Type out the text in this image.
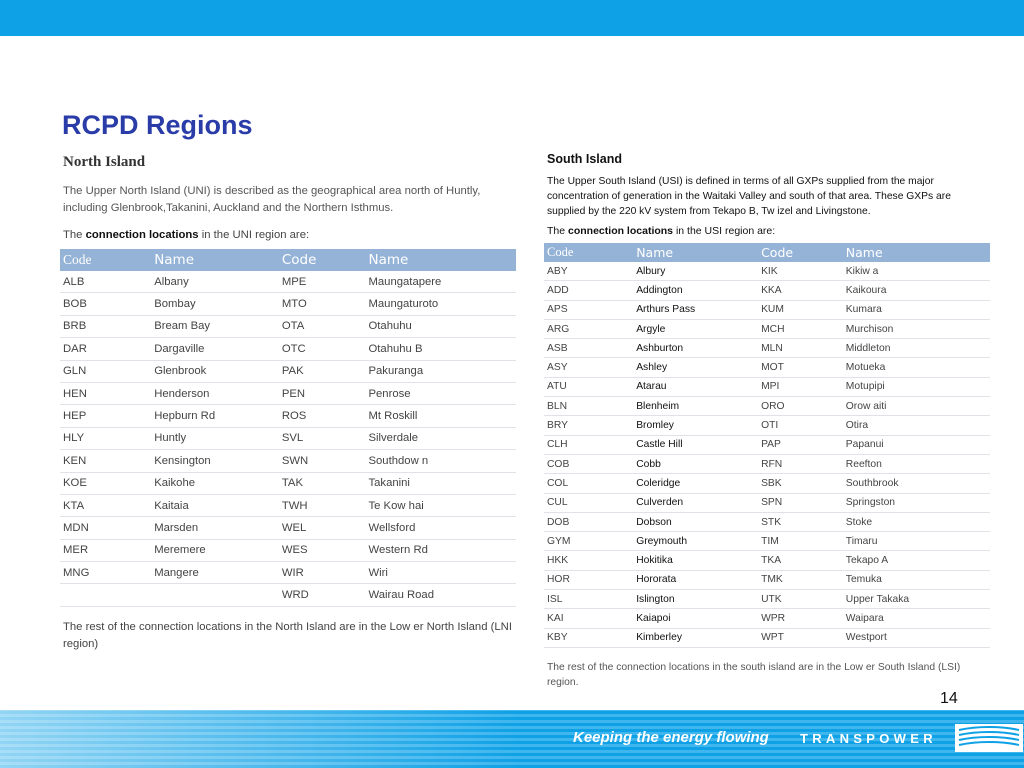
RCPD Regions
North Island

The Upper North Island (UNI) is described as the geographical area north of Huntly, including Glenbrook,Takanini, Auckland and the Northern Isthmus.

The connection locations in the UNI region are:

Code	Name	Code	Name
ALB	Albany	MPE	Maungatapere
BOB	Bombay	MTO	Maungaturoto
BRB	Bream Bay	OTA	Otahuhu
DAR	Dargaville	OTC	Otahuhu B
GLN	Glenbrook	PAK	Pakuranga
HEN	Henderson	PEN	Penrose
HEP	Hepburn Rd	ROS	Mt Roskill
HLY	Huntly	SVL	Silverdale
KEN	Kensington	SWN	Southdow n
KOE	Kaikohe	TAK	Takanini
KTA	Kaitaia	TWH	Te Kow hai
MDN	Marsden	WEL	Wellsford
MER	Meremere	WES	Western Rd
MNG	Mangere	WIR	Wiri
		WRD	Wairau Road

The rest of the connection locations in the North Island are in the Low er North Island (LNI region)

South Island

The Upper South Island (USI) is defined in terms of all GXPs supplied from the major concentration of generation in the Waitaki Valley and south of that area. These GXPs are supplied by the 220 kV system from Tekapo B, Tw izel and Livingstone.

The connection locations in the USI region are:

Code	Name	Code	Name
ABY	Albury	KIK	Kikiw a
ADD	Addington	KKA	Kaikoura
APS	Arthurs Pass	KUM	Kumara
ARG	Argyle	MCH	Murchison
ASB	Ashburton	MLN	Middleton
ASY	Ashley	MOT	Motueka
ATU	Atarau	MPI	Motupipi
BLN	Blenheim	ORO	Orow aiti
BRY	Bromley	OTI	Otira
CLH	Castle Hill	PAP	Papanui
COB	Cobb	RFN	Reefton
COL	Coleridge	SBK	Southbrook
CUL	Culverden	SPN	Springston
DOB	Dobson	STK	Stoke
GYM	Greymouth	TIM	Timaru
HKK	Hokitika	TKA	Tekapo A
HOR	Hororata	TMK	Temuka
ISL	Islington	UTK	Upper Takaka
KAI	Kaiapoi	WPR	Waipara
KBY	Kimberley	WPT	Westport

The rest of the connection locations in the south island are in the Low er South Island (LSI) region.

14
Keeping the energy flowing TRANSPOWER
